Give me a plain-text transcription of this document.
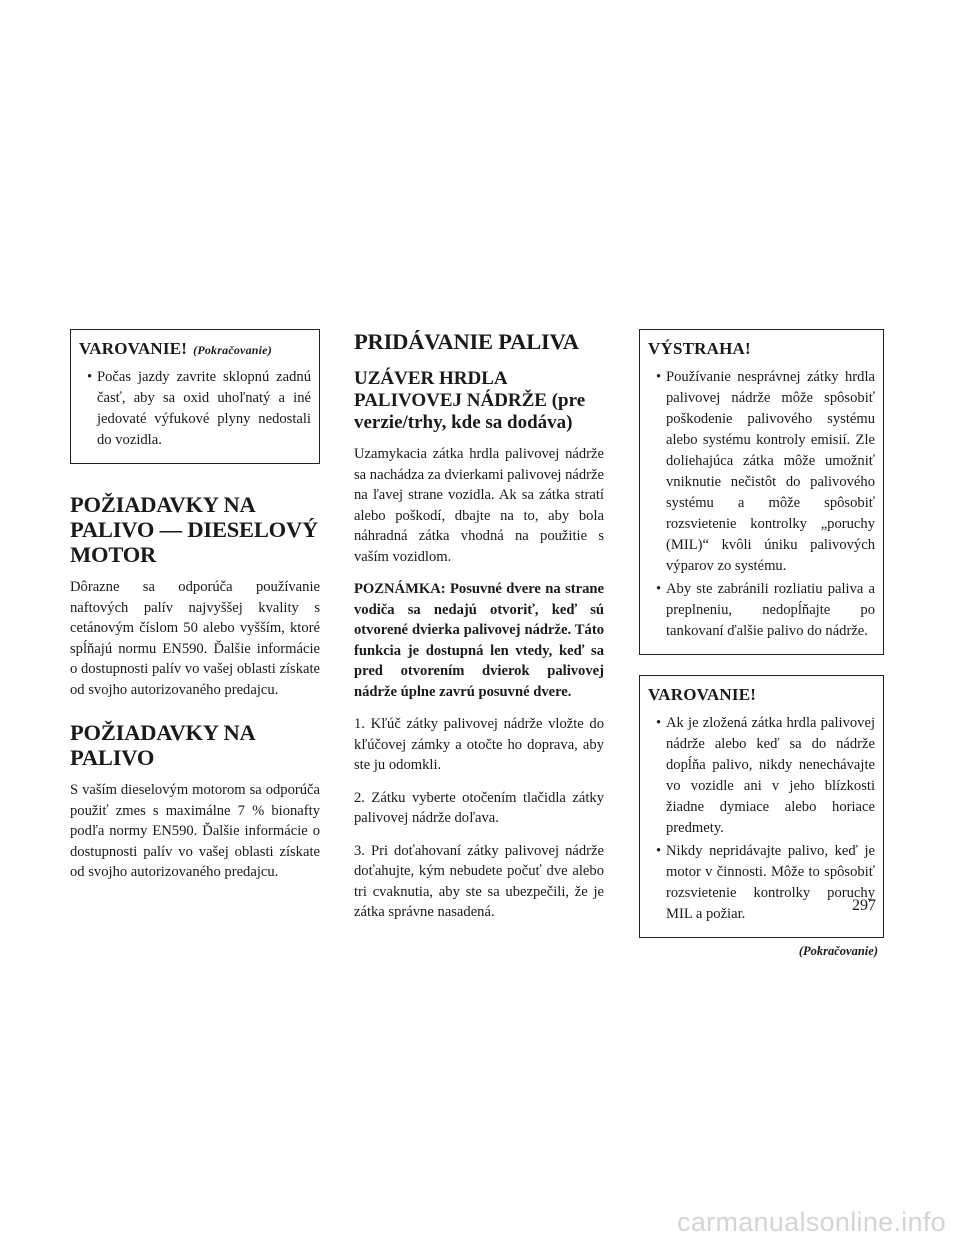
VAROVANIE! (Pokračovanie)
• Počas jazdy zavrite sklopnú zadnú časť, aby sa oxid uhoľnatý a iné jedovaté výfukové plyny nedostali do vozidla.
POŽIADAVKY NA PALIVO — DIESELOVÝ MOTOR

Dôrazne sa odporúča používanie naftových palív najvyššej kvality s cetánovým číslom 50 alebo vyšším, ktoré spĺňajú normu EN590. Ďalšie informácie o dostupnosti palív vo vašej oblasti získate od svojho autorizovaného predajcu.

POŽIADAVKY NA PALIVO

S vaším dieselovým motorom sa odporúča použiť zmes s maximálne 7 % bionafty podľa normy EN590. Ďalšie informácie o dostupnosti palív vo vašej oblasti získate od svojho autorizovaného predajcu.

PRIDÁVANIE PALIVA
UZÁVER HRDLA PALIVOVEJ NÁDRŽE (pre verzie/trhy, kde sa dodáva)

Uzamykacia zátka hrdla palivovej nádrže sa nachádza za dvierkami palivovej nádrže na ľavej strane vozidla. Ak sa zátka stratí alebo poškodí, dbajte na to, aby bola náhradná zátka vhodná na použitie s vaším vozidlom.

POZNÁMKA: Posuvné dvere na strane vodiča sa nedajú otvoriť, keď sú otvorené dvierka palivovej nádrže. Táto funkcia je dostupná len vtedy, keď sa pred otvorením dvierok palivovej nádrže úplne zavrú posuvné dvere.

1. Kľúč zátky palivovej nádrže vložte do kľúčovej zámky a otočte ho doprava, aby ste ju odomkli.

2. Zátku vyberte otočením tlačidla zátky palivovej nádrže doľava.

3. Pri doťahovaní zátky palivovej nádrže doťahujte, kým nebudete počuť dve alebo tri cvaknutia, aby ste sa ubezpečili, že je zátka správne nasadená.

VÝSTRAHA!
• Používanie nesprávnej zátky hrdla palivovej nádrže môže spôsobiť poškodenie palivového systému alebo systému kontroly emisií. Zle doliehajúca zátka môže umožniť vniknutie nečistôt do palivového systému a môže spôsobiť rozsvietenie kontrolky „poruchy (MIL)“ kvôli úniku palivových výparov zo systému.
• Aby ste zabránili rozliatiu paliva a preplneniu, nedopĺňajte po tankovaní ďalšie palivo do nádrže.
VAROVANIE!
• Ak je zložená zátka hrdla palivovej nádrže alebo keď sa do nádrže dopĺňa palivo, nikdy nenechávajte vo vozidle ani v jeho blízkosti žiadne dymiace alebo horiace predmety.
• Nikdy nepridávajte palivo, keď je motor v činnosti. Môže to spôsobiť rozsvietenie kontrolky poruchy MIL a požiar.
(Pokračovanie)
297
carmanualsonline.info
